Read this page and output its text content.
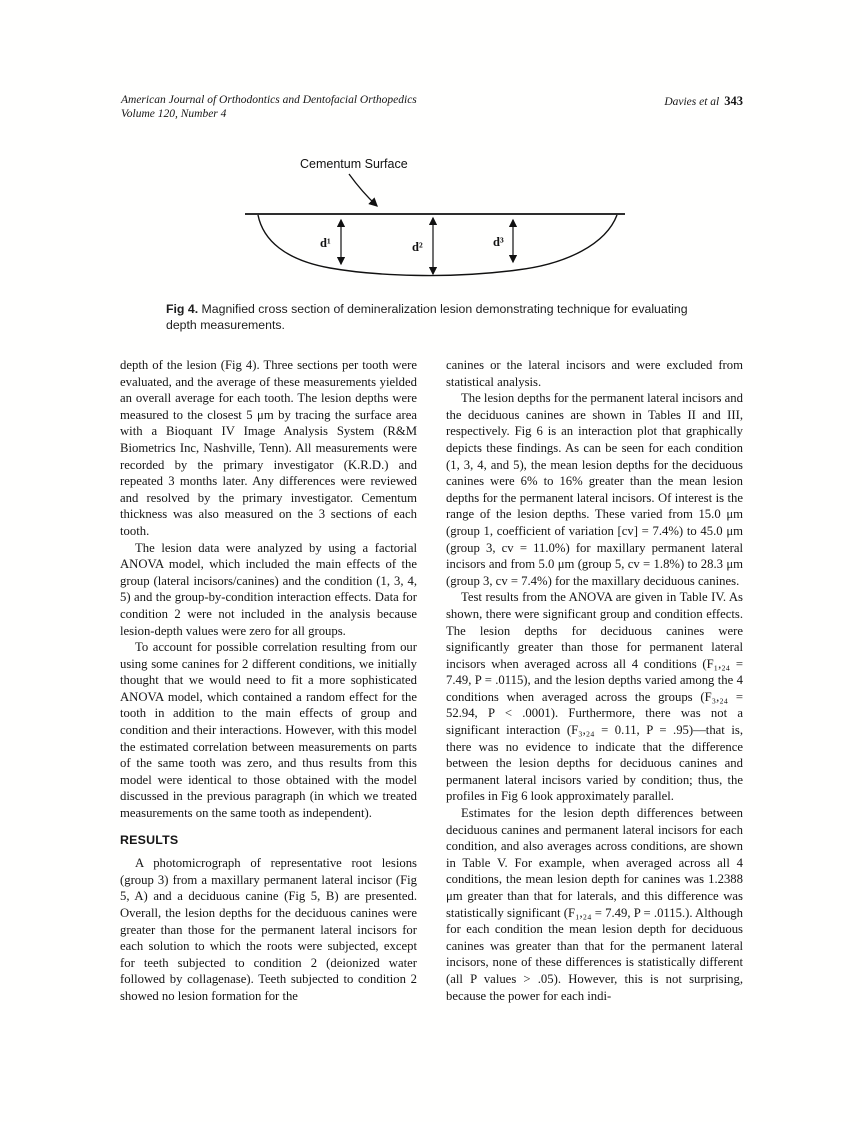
American Journal of Orthodontics and Dentofacial Orthopedics
Volume 120, Number 4
Davies et al 343
Cementum Surface
d¹	d²	d³
Fig 4. Magnified cross section of demineralization lesion demonstrating technique for evaluating depth measurements.

depth of the lesion (Fig 4). Three sections per tooth were evaluated, and the average of these measurements yielded an overall average for each tooth. The lesion depths were measured to the closest 5 μm by tracing the surface area with a Bioquant IV Image Analysis System (R&M Biometrics Inc, Nashville, Tenn). All measurements were recorded by the primary investigator (K.R.D.) and repeated 3 months later. Any differences were reviewed and resolved by the primary investigator. Cementum thickness was also measured on the 3 sections of each tooth.

The lesion data were analyzed by using a factorial ANOVA model, which included the main effects of the group (lateral incisors/canines) and the condition (1, 3, 4, 5) and the group-by-condition interaction effects. Data for condition 2 were not included in the analysis because lesion-depth values were zero for all groups.

To account for possible correlation resulting from our using some canines for 2 different conditions, we initially thought that we would need to fit a more sophisticated ANOVA model, which contained a random effect for the tooth in addition to the main effects of group and condition and their interactions. However, with this model the estimated correlation between measurements on parts of the same tooth was zero, and thus results from this model were identical to those obtained with the model discussed in the previous paragraph (in which we treated measurements on the same tooth as independent).

RESULTS

A photomicrograph of representative root lesions (group 3) from a maxillary permanent lateral incisor (Fig 5, A) and a deciduous canine (Fig 5, B) are presented. Overall, the lesion depths for the deciduous canines were greater than those for the permanent lateral incisors for each solution to which the roots were subjected, except for teeth subjected to condition 2 (deionized water followed by collagenase). Teeth subjected to condition 2 showed no lesion formation for the

canines or the lateral incisors and were excluded from statistical analysis.

The lesion depths for the permanent lateral incisors and the deciduous canines are shown in Tables II and III, respectively. Fig 6 is an interaction plot that graphically depicts these findings. As can be seen for each condition (1, 3, 4, and 5), the mean lesion depths for the deciduous canines were 6% to 16% greater than the mean lesion depths for the permanent lateral incisors. Of interest is the range of the lesion depths. These varied from 15.0 μm (group 1, coefficient of variation [cv] = 7.4%) to 45.0 μm (group 3, cv = 11.0%) for maxillary permanent lateral incisors and from 5.0 μm (group 5, cv = 1.8%) to 28.3 μm (group 3, cv = 7.4%) for the maxillary deciduous canines.

Test results from the ANOVA are given in Table IV. As shown, there were significant group and condition effects. The lesion depths for deciduous canines were significantly greater than those for permanent lateral incisors when averaged across all 4 conditions (F₁,₂₄ = 7.49, P = .0115), and the lesion depths varied among the 4 conditions when averaged across the groups (F₃,₂₄ = 52.94, P < .0001). Furthermore, there was not a significant interaction (F₃,₂₄ = 0.11, P = .95)—that is, there was no evidence to indicate that the difference between the lesion depths for deciduous canines and permanent lateral incisors varied by condition; thus, the profiles in Fig 6 look approximately parallel.

Estimates for the lesion depth differences between deciduous canines and permanent lateral incisors for each condition, and also averages across conditions, are shown in Table V. For example, when averaged across all 4 conditions, the mean lesion depth for canines was 1.2388 μm greater than that for laterals, and this difference was statistically significant (F₁,₂₄ = 7.49, P = .0115.). Although for each condition the mean lesion depth for deciduous canines was greater than that for the permanent lateral incisors, none of these differences is statistically different (all P values > .05). However, this is not surprising, because the power for each indi-
